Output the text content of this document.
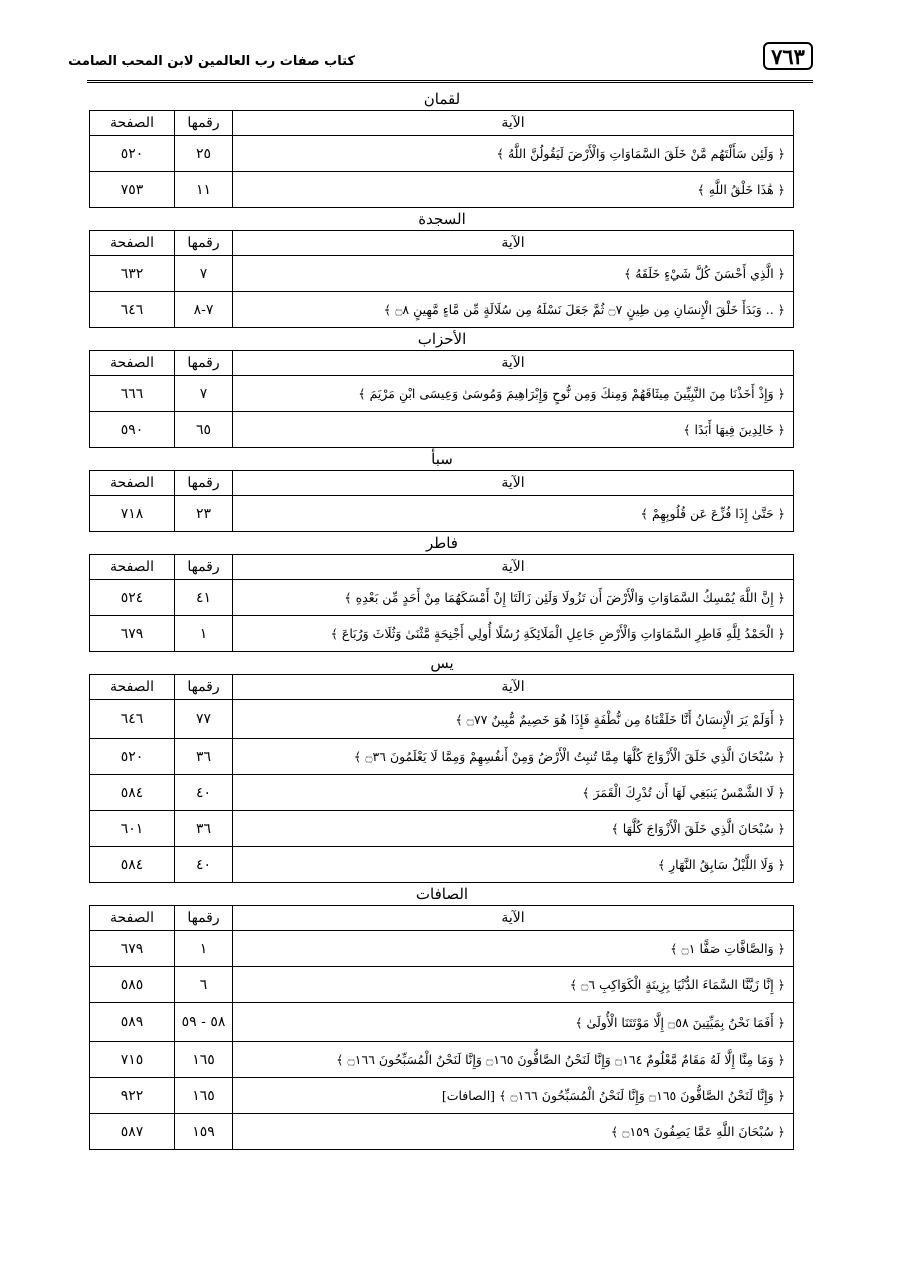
٧٦٣
كتاب صفات رب العالمين لابن المحب الصامت
لقمان
الآية	رقمها	الصفحة
﴿ وَلَئِن سَأَلْتَهُم مَّنْ خَلَقَ السَّمَاوَاتِ وَالْأَرْضَ لَيَقُولُنَّ اللَّهُ ﴾	٢٥	٥٢٠
﴿ هَٰذَا خَلْقُ اللَّهِ ﴾	١١	٧٥٣
السجدة
الآية	رقمها	الصفحة
﴿ الَّذِي أَحْسَنَ كُلَّ شَيْءٍ خَلَقَهُ ﴾	٧	٦٣٢
﴿ .. وَبَدَأَ خَلْقَ الْإِنسَانِ مِن طِينٍ ۝٧ ثُمَّ جَعَلَ نَسْلَهُ مِن سُلَالَةٍ مِّن مَّاءٍ مَّهِينٍ ۝٨ ﴾	٧-٨	٦٤٦
الأحزاب
الآية	رقمها	الصفحة
﴿ وَإِذْ أَخَذْنَا مِنَ النَّبِيِّينَ مِيثَاقَهُمْ وَمِنكَ وَمِن نُّوحٍ وَإِبْرَاهِيمَ وَمُوسَىٰ وَعِيسَى ابْنِ مَرْيَمَ ﴾	٧	٦٦٦
﴿ خَالِدِينَ فِيهَا أَبَدًا ﴾	٦٥	٥٩٠
سبأ
الآية	رقمها	الصفحة
﴿ حَتَّىٰ إِذَا فُزِّعَ عَن قُلُوبِهِمْ ﴾	٢٣	٧١٨
فاطر
الآية	رقمها	الصفحة
﴿ إِنَّ اللَّهَ يُمْسِكُ السَّمَاوَاتِ وَالْأَرْضَ أَن تَزُولَا وَلَئِن زَالَتَا إِنْ أَمْسَكَهُمَا مِنْ أَحَدٍ مِّن بَعْدِهِ ﴾	٤١	٥٢٤
﴿ الْحَمْدُ لِلَّهِ فَاطِرِ السَّمَاوَاتِ وَالْأَرْضِ جَاعِلِ الْمَلَائِكَةِ رُسُلًا أُولِي أَجْنِحَةٍ مَّثْنَىٰ وَثُلَاثَ وَرُبَاعَ ﴾	١	٦٧٩
يس
الآية	رقمها	الصفحة
﴿ أَوَلَمْ يَرَ الْإِنسَانُ أَنَّا خَلَقْنَاهُ مِن نُّطْفَةٍ فَإِذَا هُوَ خَصِيمٌ مُّبِينٌ ۝٧٧ ﴾	٧٧	٦٤٦
﴿ سُبْحَانَ الَّذِي خَلَقَ الْأَزْوَاجَ كُلَّهَا مِمَّا تُنبِتُ الْأَرْضُ وَمِنْ أَنفُسِهِمْ وَمِمَّا لَا يَعْلَمُونَ ۝٣٦ ﴾	٣٦	٥٢٠
﴿ لَا الشَّمْسُ يَنبَغِي لَهَا أَن تُدْرِكَ الْقَمَرَ ﴾	٤٠	٥٨٤
﴿ سُبْحَانَ الَّذِي خَلَقَ الْأَزْوَاجَ كُلَّهَا ﴾	٣٦	٦٠١
﴿ وَلَا اللَّيْلُ سَابِقُ النَّهَارِ ﴾	٤٠	٥٨٤
الصافات
الآية	رقمها	الصفحة
﴿ وَالصَّافَّاتِ صَفًّا ۝١ ﴾	١	٦٧٩
﴿ إِنَّا زَيَّنَّا السَّمَاءَ الدُّنْيَا بِزِينَةٍ الْكَوَاكِبِ ۝٦ ﴾	٦	٥٨٥
﴿ أَفَمَا نَحْنُ بِمَيِّتِينَ ۝٥٨ إِلَّا مَوْتَتَنَا الْأُولَىٰ ﴾	٥٨ - ٥٩	٥٨٩
﴿ وَمَا مِنَّا إِلَّا لَهُ مَقَامٌ مَّعْلُومٌ ۝١٦٤ وَإِنَّا لَنَحْنُ الصَّافُّونَ ۝١٦٥ وَإِنَّا لَنَحْنُ الْمُسَبِّحُونَ ۝١٦٦ ﴾	١٦٥	٧١٥
﴿ وَإِنَّا لَنَحْنُ الصَّافُّونَ ۝١٦٥ وَإِنَّا لَنَحْنُ الْمُسَبِّحُونَ ۝١٦٦ ﴾ [الصافات]	١٦٥	٩٢٢
﴿ سُبْحَانَ اللَّهِ عَمَّا يَصِفُونَ ۝١٥٩ ﴾	١٥٩	٥٨٧
